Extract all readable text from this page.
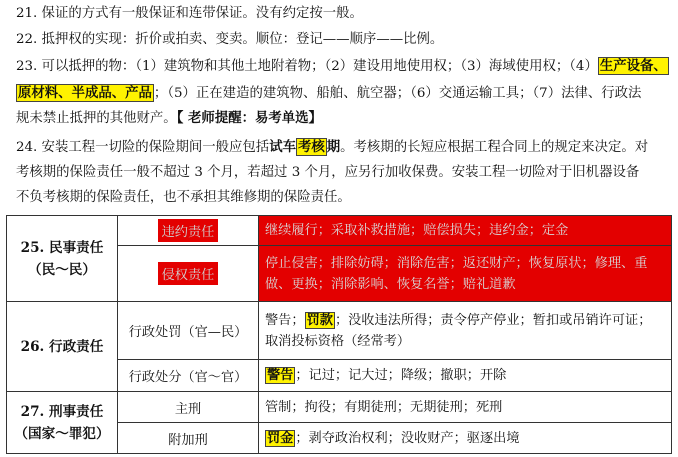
21. 保证的方式有一般保证和连带保证。没有约定按一般。
22. 抵押权的实现：折价或拍卖、变卖。顺位：登记——顺序——比例。
23. 可以抵押的物：（1）建筑物和其他土地附着物；（2）建设用地使用权；（3）海域使用权；（4） 生产设备、
原材料、半成品、产品 ；（5）正在建造的建筑物、船舶、航空器；（6）交通运输工具；（7）法律、行政法
规未禁止抵押的其他财产。【 老师提醒：易考单选】
24. 安装工程一切险的保险期间一般应包括试车 考核 期。考核期的长短应根据工程合同上的规定来决定。对
考核期的保险责任一般不超过 3 个月，若超过 3 个月，应另行加收保费。安装工程一切险对于旧机器设备
不负考核期的保险责任，也不承担其维修期的保险责任。
25. 民事责任
（民～民）	违约责任	继续履行；采取补救措施；赔偿损失；违约金；定金
	侵权责任	停止侵害；排除妨碍；消除危害；返还财产；恢复原状；修理、重
做、更换；消除影响、恢复名誉；赔礼道歉

26. 行政责任	行政处罚（官—民）	警告； 罚款 ；没收违法所得；责令停产停业；暂扣或吊销许可证；
取消投标资格（经常考）

	行政处分（官～官）	警告 ；记过；记大过；降级；撤职；开除

27. 刑事责任
（国家～罪犯）	主刑	管制；拘役；有期徒刑；无期徒刑；死刑
	附加刑	罚金 ；剥夺政治权利；没收财产；驱逐出境
